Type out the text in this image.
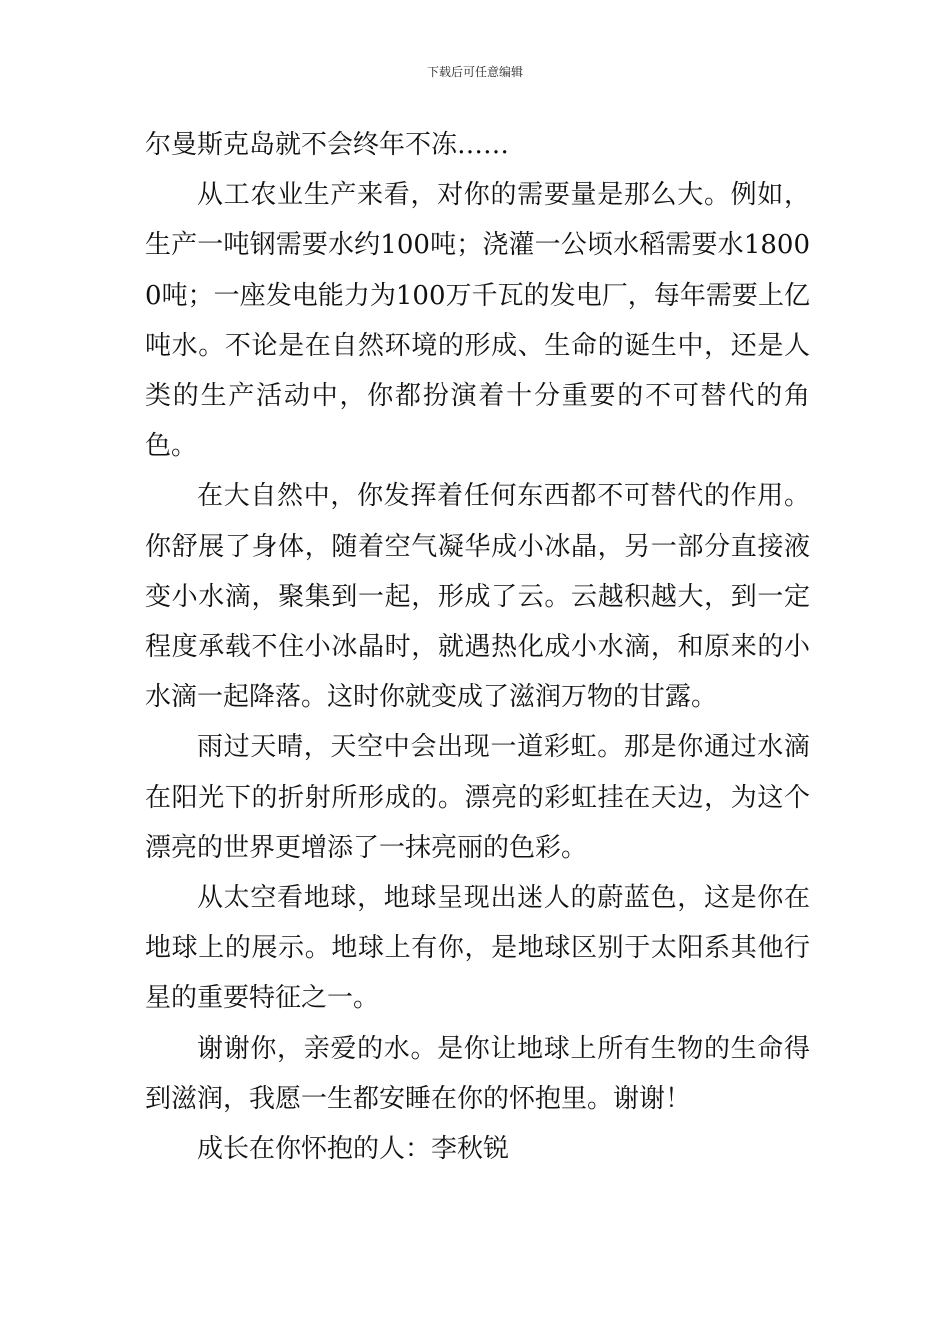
下载后可任意编辑

尔曼斯克岛就不会终年不冻……

从工农业生产来看，对你的需要量是那么大。例如，生产一吨钢需要水约100吨；浇灌一公顷水稻需要水18000吨；一座发电能力为100万千瓦的发电厂，每年需要上亿吨水。不论是在自然环境的形成、生命的诞生中，还是人类的生产活动中，你都扮演着十分重要的不可替代的角色。

在大自然中，你发挥着任何东西都不可替代的作用。你舒展了身体，随着空气凝华成小冰晶，另一部分直接液变小水滴，聚集到一起，形成了云。云越积越大，到一定程度承载不住小冰晶时，就遇热化成小水滴，和原来的小水滴一起降落。这时你就变成了滋润万物的甘露。

雨过天晴，天空中会出现一道彩虹。那是你通过水滴在阳光下的折射所形成的。漂亮的彩虹挂在天边，为这个漂亮的世界更增添了一抹亮丽的色彩。

从太空看地球，地球呈现出迷人的蔚蓝色，这是你在地球上的展示。地球上有你，是地球区别于太阳系其他行星的重要特征之一。

谢谢你，亲爱的水。是你让地球上所有生物的生命得到滋润，我愿一生都安睡在你的怀抱里。谢谢！

成长在你怀抱的人：李秋锐
